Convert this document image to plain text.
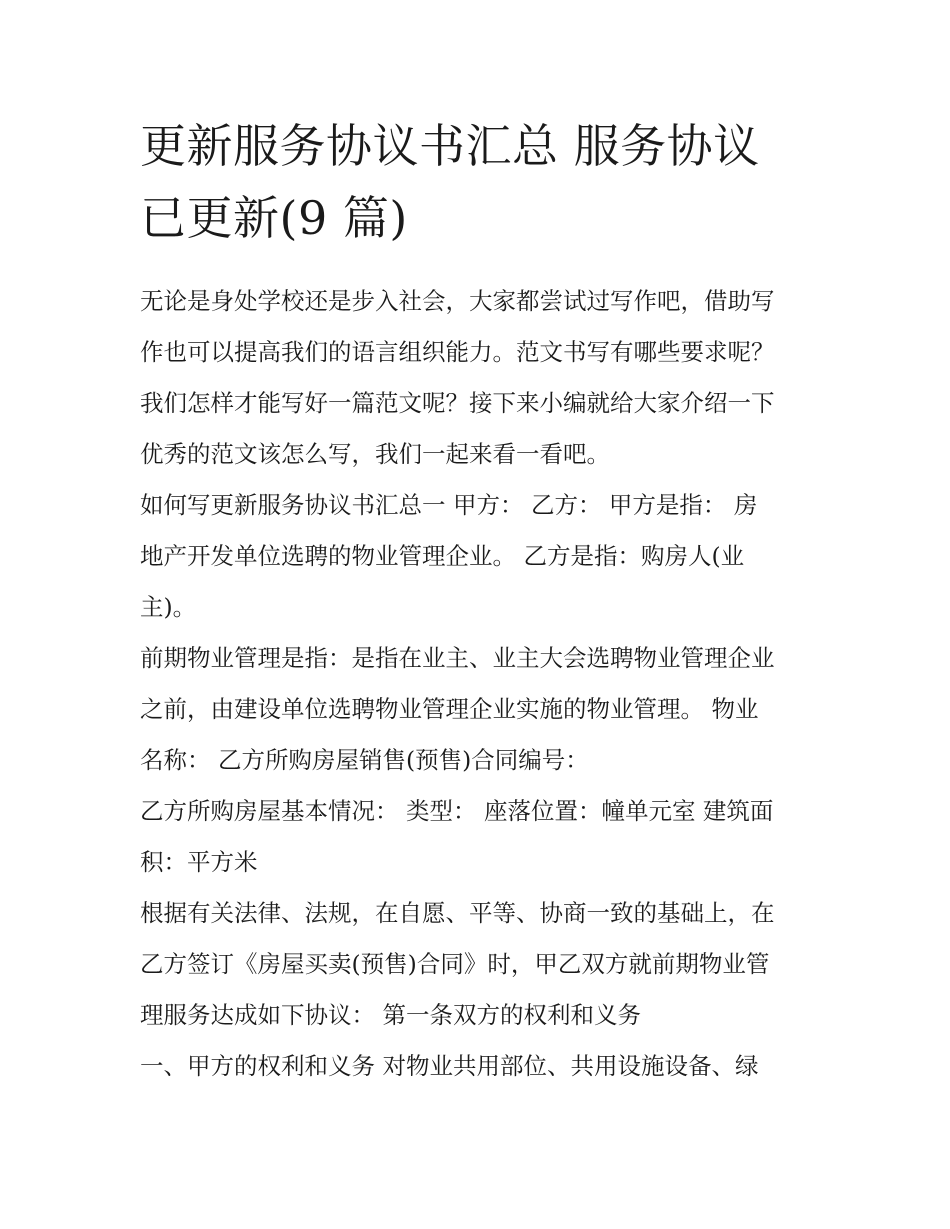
更新服务协议书汇总 服务协议
已更新(9 篇)

无论是身处学校还是步入社会，大家都尝试过写作吧，借助写
作也可以提高我们的语言组织能力。范文书写有哪些要求呢？
我们怎样才能写好一篇范文呢？接下来小编就给大家介绍一下
优秀的范文该怎么写，我们一起来看一看吧。

如何写更新服务协议书汇总一 甲方： 乙方： 甲方是指： 房
地产开发单位选聘的物业管理企业。 乙方是指：购房人(业
主)。

前期物业管理是指：是指在业主、业主大会选聘物业管理企业
之前，由建设单位选聘物业管理企业实施的物业管理。 物业
名称： 乙方所购房屋销售(预售)合同编号：

乙方所购房屋基本情况： 类型： 座落位置：幢单元室 建筑面
积：平方米

根据有关法律、法规，在自愿、平等、协商一致的基础上，在
乙方签订《房屋买卖(预售)合同》时，甲乙双方就前期物业管
理服务达成如下协议： 第一条双方的权利和义务

一、甲方的权利和义务 对物业共用部位、共用设施设备、绿
